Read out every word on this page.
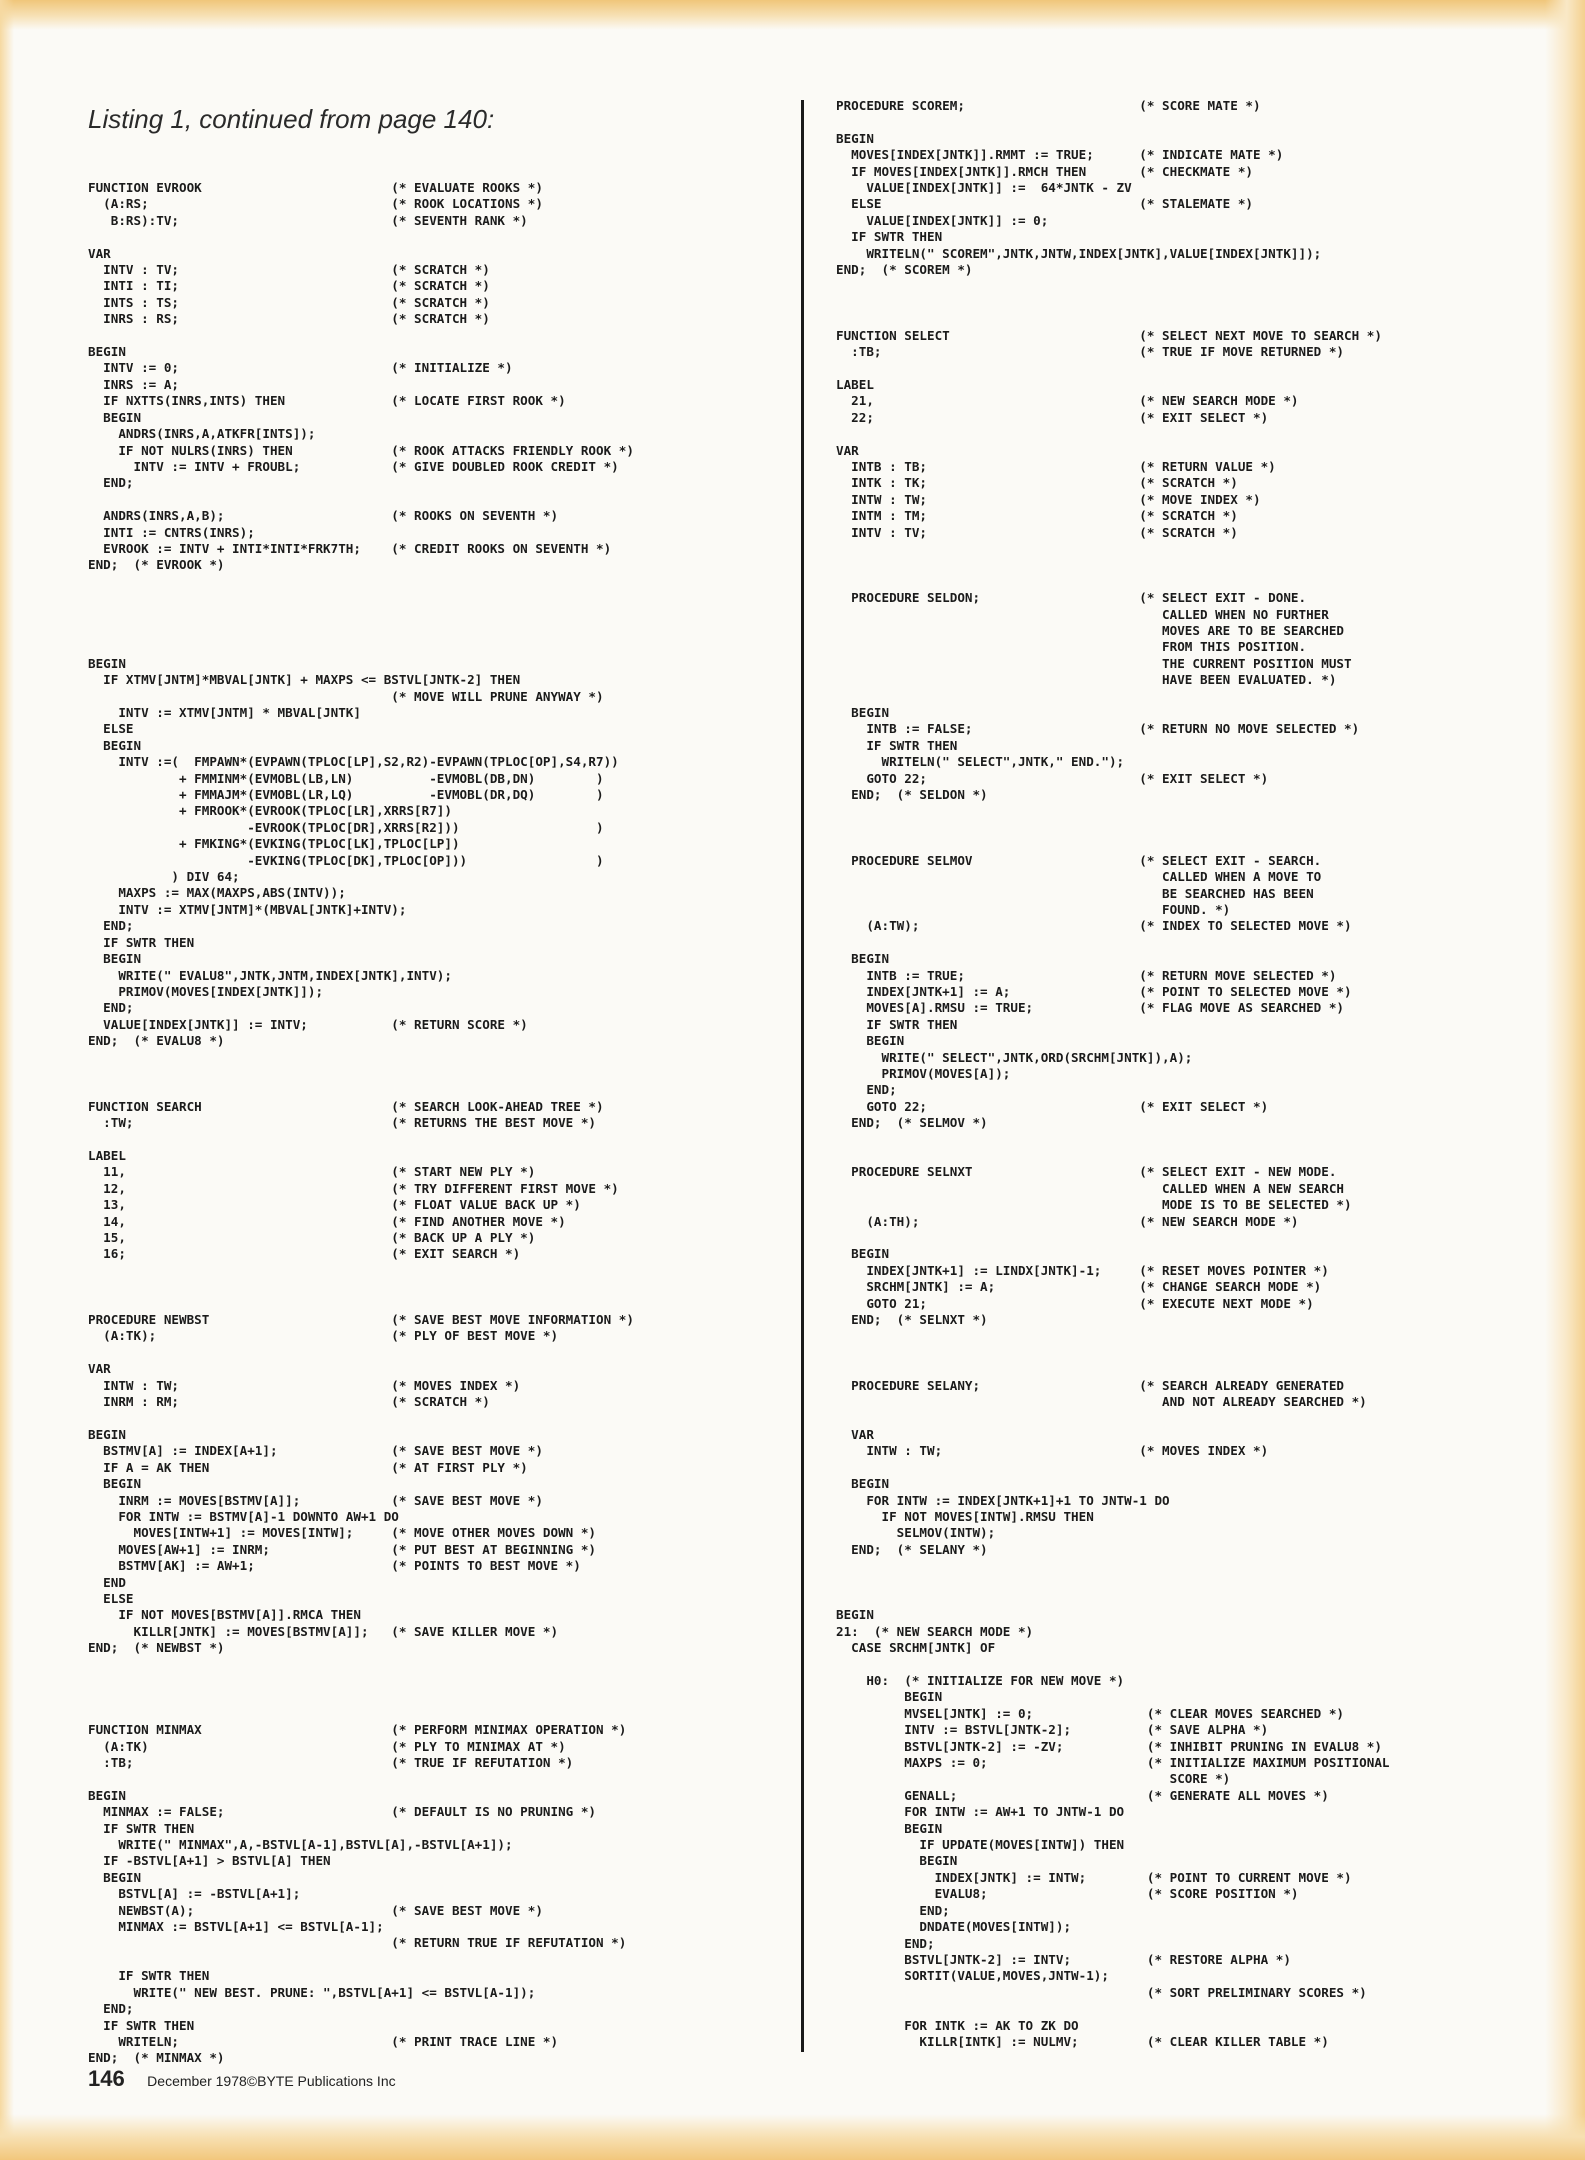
Listing 1, continued from page 140:
FUNCTION EVROOK                         (* EVALUATE ROOKS *)
(A:RS;                                (* ROOK LOCATIONS *)
B:RS):TV;                            (* SEVENTH RANK *)

VAR
INTV : TV;                            (* SCRATCH *)
INTI : TI;                            (* SCRATCH *)
INTS : TS;                            (* SCRATCH *)
INRS : RS;                            (* SCRATCH *)

BEGIN
INTV := 0;                            (* INITIALIZE *)
INRS := A;
IF NXTTS(INRS,INTS) THEN              (* LOCATE FIRST ROOK *)
BEGIN
ANDRS(INRS,A,ATKFR[INTS]);
IF NOT NULRS(INRS) THEN             (* ROOK ATTACKS FRIENDLY ROOK *)
INTV := INTV + FROUBL;            (* GIVE DOUBLED ROOK CREDIT *)
END;

ANDRS(INRS,A,B);                      (* ROOKS ON SEVENTH *)
INTI := CNTRS(INRS);
EVROOK := INTV + INTI*INTI*FRK7TH;    (* CREDIT ROOKS ON SEVENTH *)
END;  (* EVROOK *)

BEGIN
IF XTMV[JNTM]*MBVAL[JNTK] + MAXPS <= BSTVL[JNTK-2] THEN
(* MOVE WILL PRUNE ANYWAY *)
INTV := XTMV[JNTM] * MBVAL[JNTK]
ELSE
BEGIN
INTV :=(  FMPAWN*(EVPAWN(TPLOC[LP],S2,R2)-EVPAWN(TPLOC[OP],S4,R7))
+ FMMINM*(EVMOBL(LB,LN)          -EVMOBL(DB,DN)        )
+ FMMAJM*(EVMOBL(LR,LQ)          -EVMOBL(DR,DQ)        )
+ FMROOK*(EVROOK(TPLOC[LR],XRRS[R7])
-EVROOK(TPLOC[DR],XRRS[R2]))                  )
+ FMKING*(EVKING(TPLOC[LK],TPLOC[LP])
-EVKING(TPLOC[DK],TPLOC[OP]))                 )
) DIV 64;
MAXPS := MAX(MAXPS,ABS(INTV));
INTV := XTMV[JNTM]*(MBVAL[JNTK]+INTV);
END;
IF SWTR THEN
BEGIN
WRITE(" EVALU8",JNTK,JNTM,INDEX[JNTK],INTV);
PRIMOV(MOVES[INDEX[JNTK]]);
END;
VALUE[INDEX[JNTK]] := INTV;           (* RETURN SCORE *)
END;  (* EVALU8 *)

FUNCTION SEARCH                         (* SEARCH LOOK-AHEAD TREE *)
:TW;                                  (* RETURNS THE BEST MOVE *)

LABEL
11,                                   (* START NEW PLY *)
12,                                   (* TRY DIFFERENT FIRST MOVE *)
13,                                   (* FLOAT VALUE BACK UP *)
14,                                   (* FIND ANOTHER MOVE *)
15,                                   (* BACK UP A PLY *)
16;                                   (* EXIT SEARCH *)

PROCEDURE NEWBST                        (* SAVE BEST MOVE INFORMATION *)
(A:TK);                               (* PLY OF BEST MOVE *)

VAR
INTW : TW;                            (* MOVES INDEX *)
INRM : RM;                            (* SCRATCH *)

BEGIN
BSTMV[A] := INDEX[A+1];               (* SAVE BEST MOVE *)
IF A = AK THEN                        (* AT FIRST PLY *)
BEGIN
INRM := MOVES[BSTMV[A]];            (* SAVE BEST MOVE *)
FOR INTW := BSTMV[A]-1 DOWNTO AW+1 DO
MOVES[INTW+1] := MOVES[INTW];     (* MOVE OTHER MOVES DOWN *)
MOVES[AW+1] := INRM;                (* PUT BEST AT BEGINNING *)
BSTMV[AK] := AW+1;                  (* POINTS TO BEST MOVE *)
END
ELSE
IF NOT MOVES[BSTMV[A]].RMCA THEN
KILLR[JNTK] := MOVES[BSTMV[A]];   (* SAVE KILLER MOVE *)
END;  (* NEWBST *)

FUNCTION MINMAX                         (* PERFORM MINIMAX OPERATION *)
(A:TK)                                (* PLY TO MINIMAX AT *)
:TB;                                  (* TRUE IF REFUTATION *)

BEGIN
MINMAX := FALSE;                      (* DEFAULT IS NO PRUNING *)
IF SWTR THEN
WRITE(" MINMAX",A,-BSTVL[A-1],BSTVL[A],-BSTVL[A+1]);
IF -BSTVL[A+1] > BSTVL[A] THEN
BEGIN
BSTVL[A] := -BSTVL[A+1];
NEWBST(A);                          (* SAVE BEST MOVE *)
MINMAX := BSTVL[A+1] <= BSTVL[A-1];
(* RETURN TRUE IF REFUTATION *)

IF SWTR THEN
WRITE(" NEW BEST. PRUNE: ",BSTVL[A+1] <= BSTVL[A-1]);
END;
IF SWTR THEN
WRITELN;                            (* PRINT TRACE LINE *)
END;  (* MINMAX *)
PROCEDURE SCOREM;                       (* SCORE MATE *)

BEGIN
MOVES[INDEX[JNTK]].RMMT := TRUE;      (* INDICATE MATE *)
IF MOVES[INDEX[JNTK]].RMCH THEN       (* CHECKMATE *)
VALUE[INDEX[JNTK]] :=  64*JNTK - ZV
ELSE                                  (* STALEMATE *)
VALUE[INDEX[JNTK]] := 0;
IF SWTR THEN
WRITELN(" SCOREM",JNTK,JNTW,INDEX[JNTK],VALUE[INDEX[JNTK]]);
END;  (* SCOREM *)

FUNCTION SELECT                         (* SELECT NEXT MOVE TO SEARCH *)
:TB;                                  (* TRUE IF MOVE RETURNED *)

LABEL
21,                                   (* NEW SEARCH MODE *)
22;                                   (* EXIT SELECT *)

VAR
INTB : TB;                            (* RETURN VALUE *)
INTK : TK;                            (* SCRATCH *)
INTW : TW;                            (* MOVE INDEX *)
INTM : TM;                            (* SCRATCH *)
INTV : TV;                            (* SCRATCH *)

PROCEDURE SELDON;                     (* SELECT EXIT - DONE.
CALLED WHEN NO FURTHER
MOVES ARE TO BE SEARCHED
FROM THIS POSITION.
THE CURRENT POSITION MUST
HAVE BEEN EVALUATED. *)

BEGIN
INTB := FALSE;                      (* RETURN NO MOVE SELECTED *)
IF SWTR THEN
WRITELN(" SELECT",JNTK," END.");
GOTO 22;                            (* EXIT SELECT *)
END;  (* SELDON *)

PROCEDURE SELMOV                      (* SELECT EXIT - SEARCH.
CALLED WHEN A MOVE TO
BE SEARCHED HAS BEEN
FOUND. *)
(A:TW);                             (* INDEX TO SELECTED MOVE *)

BEGIN
INTB := TRUE;                       (* RETURN MOVE SELECTED *)
INDEX[JNTK+1] := A;                 (* POINT TO SELECTED MOVE *)
MOVES[A].RMSU := TRUE;              (* FLAG MOVE AS SEARCHED *)
IF SWTR THEN
BEGIN
WRITE(" SELECT",JNTK,ORD(SRCHM[JNTK]),A);
PRIMOV(MOVES[A]);
END;
GOTO 22;                            (* EXIT SELECT *)
END;  (* SELMOV *)

PROCEDURE SELNXT                      (* SELECT EXIT - NEW MODE.
CALLED WHEN A NEW SEARCH
MODE IS TO BE SELECTED *)
(A:TH);                             (* NEW SEARCH MODE *)

BEGIN
INDEX[JNTK+1] := LINDX[JNTK]-1;     (* RESET MOVES POINTER *)
SRCHM[JNTK] := A;                   (* CHANGE SEARCH MODE *)
GOTO 21;                            (* EXECUTE NEXT MODE *)
END;  (* SELNXT *)

PROCEDURE SELANY;                     (* SEARCH ALREADY GENERATED
AND NOT ALREADY SEARCHED *)

VAR
INTW : TW;                          (* MOVES INDEX *)

BEGIN
FOR INTW := INDEX[JNTK+1]+1 TO JNTW-1 DO
IF NOT MOVES[INTW].RMSU THEN
SELMOV(INTW);
END;  (* SELANY *)

BEGIN
21:  (* NEW SEARCH MODE *)
CASE SRCHM[JNTK] OF

H0:  (* INITIALIZE FOR NEW MOVE *)
BEGIN
MVSEL[JNTK] := 0;               (* CLEAR MOVES SEARCHED *)
INTV := BSTVL[JNTK-2];          (* SAVE ALPHA *)
BSTVL[JNTK-2] := -ZV;           (* INHIBIT PRUNING IN EVALU8 *)
MAXPS := 0;                     (* INITIALIZE MAXIMUM POSITIONAL
SCORE *)
GENALL;                         (* GENERATE ALL MOVES *)
FOR INTW := AW+1 TO JNTW-1 DO
BEGIN
IF UPDATE(MOVES[INTW]) THEN
BEGIN
INDEX[JNTK] := INTW;        (* POINT TO CURRENT MOVE *)
EVALU8;                     (* SCORE POSITION *)
END;
DNDATE(MOVES[INTW]);
END;
BSTVL[JNTK-2] := INTV;          (* RESTORE ALPHA *)
SORTIT(VALUE,MOVES,JNTW-1);
(* SORT PRELIMINARY SCORES *)

FOR INTK := AK TO ZK DO
KILLR[INTK] := NULMV;         (* CLEAR KILLER TABLE *)
146 December 1978©BYTE Publications Inc
